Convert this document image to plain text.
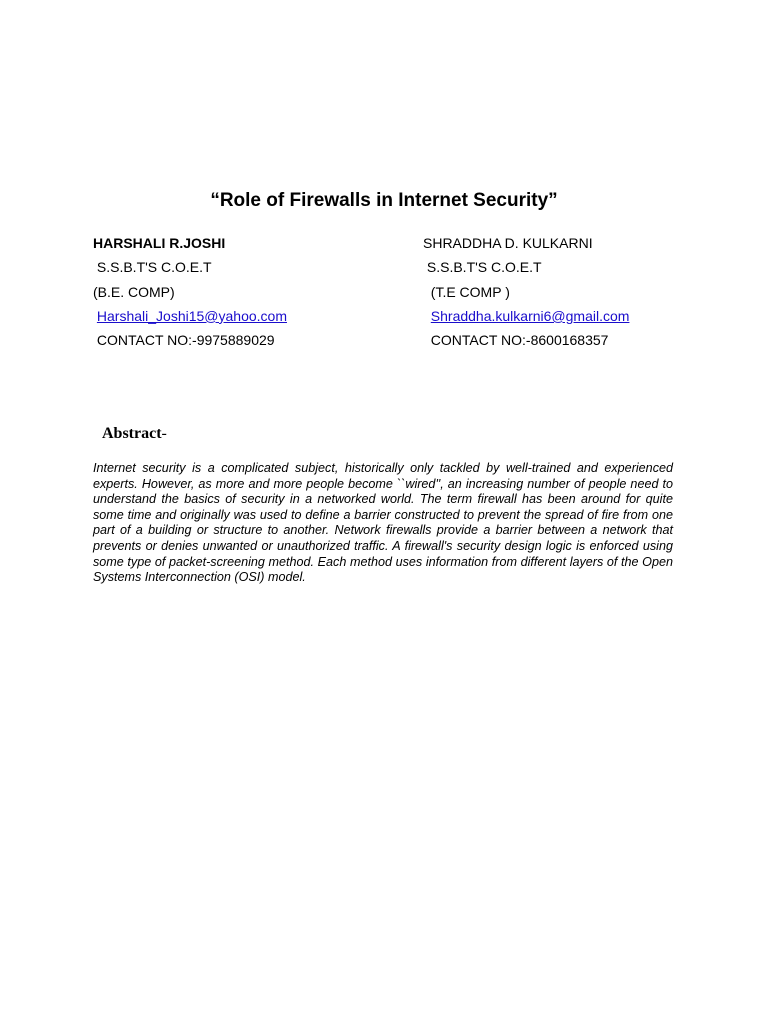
“Role of Firewalls in Internet Security”
HARSHALI R.JOSHI
S.S.B.T'S C.O.E.T
(B.E. COMP)
Harshali_Joshi15@yahoo.com
CONTACT NO:-9975889029
SHRADDHA D. KULKARNI
S.S.B.T'S C.O.E.T
(T.E COMP )
Shraddha.kulkarni6@gmail.com
CONTACT NO:-8600168357
Abstract-
Internet security is a complicated subject, historically only tackled by well-trained and experienced experts. However, as more and more people become ``wired'', an increasing number of people need to understand the basics of security in a networked world. The term firewall has been around for quite some time and originally was used to define a barrier constructed to prevent the spread of fire from one part of a building or structure to another. Network firewalls provide a barrier between a network that prevents or denies unwanted or unauthorized traffic. A firewall's security design logic is enforced using some type of packet-screening method. Each method uses information from different layers of the Open Systems Interconnection (OSI) model.
